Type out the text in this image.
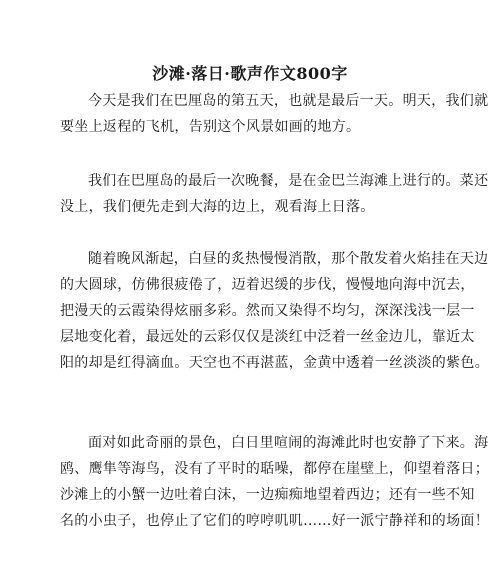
沙滩·落日·歌声作文800字

今天是我们在巴厘岛的第五天，也就是最后一天。明天，我们就
要坐上返程的飞机，告别这个风景如画的地方。

我们在巴厘岛的最后一次晚餐，是在金巴兰海滩上进行的。菜还
没上，我们便先走到大海的边上，观看海上日落。

随着晚风渐起，白昼的炙热慢慢消散，那个散发着火焰挂在天边
的大圆球，仿佛很疲倦了，迈着迟缓的步伐，慢慢地向海中沉去，
把漫天的云霞染得炫丽多彩。然而又染得不均匀，深深浅浅一层一
层地变化着，最远处的云彩仅仅是淡红中泛着一丝金边儿，靠近太
阳的却是红得滴血。天空也不再湛蓝，金黄中透着一丝淡淡的紫色。

面对如此奇丽的景色，白日里喧闹的海滩此时也安静了下来。海
鸥、鹰隼等海鸟，没有了平时的聒噪，都停在崖壁上，仰望着落日；
沙滩上的小蟹一边吐着白沫，一边痴痴地望着西边；还有一些不知
名的小虫子，也停止了它们的哼哼叽叽……好一派宁静祥和的场面！
